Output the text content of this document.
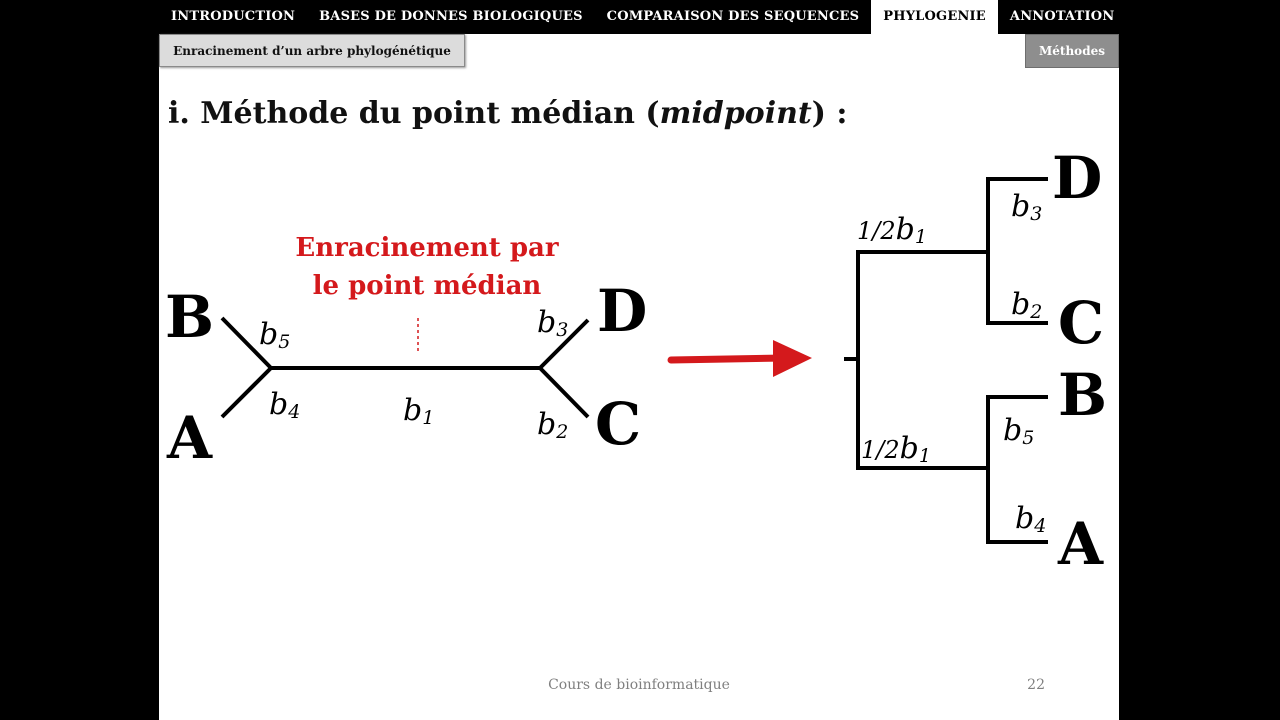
INTRODUCTION	BASES DE DONNES BIOLOGIQUES	COMPARAISON DES SEQUENCES	PHYLOGENIE	ANNOTATION
Enracinement d’un arbre phylogénétique	Méthodes
i. Méthode du point médian (midpoint) :
Enracinement par
le point médian
B
A
D
C
b5
b4	b1
b3
b2
D
C
B
A
1/2b1
1/2b1
b3
b2
b5
b4
Cours de bioinformatique	22
